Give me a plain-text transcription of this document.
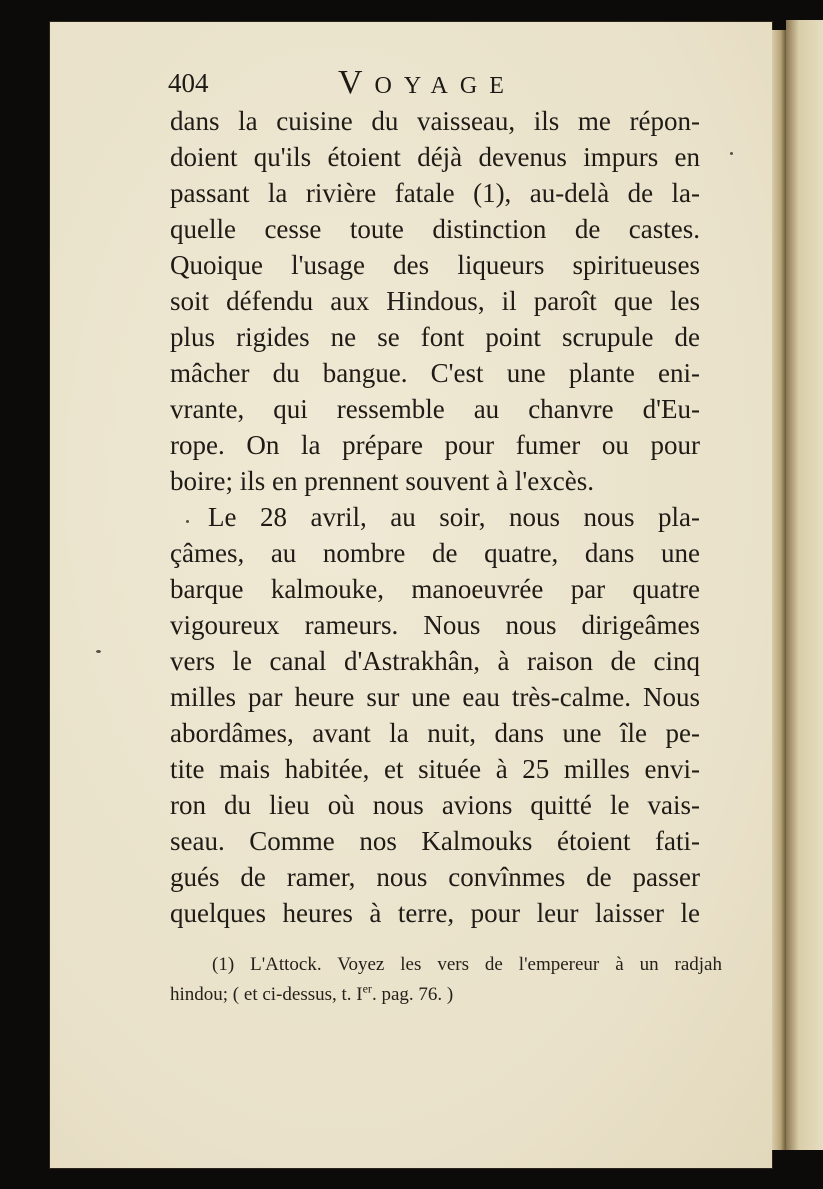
404	Voyage
dans la cuisine du vaisseau, ils me répon-
doient qu'ils étoient déjà devenus impurs en
passant la rivière fatale (1), au-delà de la-
quelle cesse toute distinction de castes.
Quoique l'usage des liqueurs spiritueuses
soit défendu aux Hindous, il paroît que les
plus rigides ne se font point scrupule de
mâcher du bangue. C'est une plante eni-
vrante, qui ressemble au chanvre d'Eu-
rope. On la prépare pour fumer ou pour
boire; ils en prennent souvent à l'excès.
Le 28 avril, au soir, nous nous pla-
çâmes, au nombre de quatre, dans une
barque kalmouke, manoeuvrée par quatre
vigoureux rameurs. Nous nous dirigeâmes
vers le canal d'Astrakhân, à raison de cinq
milles par heure sur une eau très-calme. Nous
abordâmes, avant la nuit, dans une île pe-
tite mais habitée, et située à 25 milles envi-
ron du lieu où nous avions quitté le vais-
seau. Comme nos Kalmouks étoient fati-
gués de ramer, nous convînmes de passer
quelques heures à terre, pour leur laisser le
(1) L'Attock. Voyez les vers de l'empereur à un radjah
hindou; ( et ci-dessus, t. Ier. pag. 76. )
